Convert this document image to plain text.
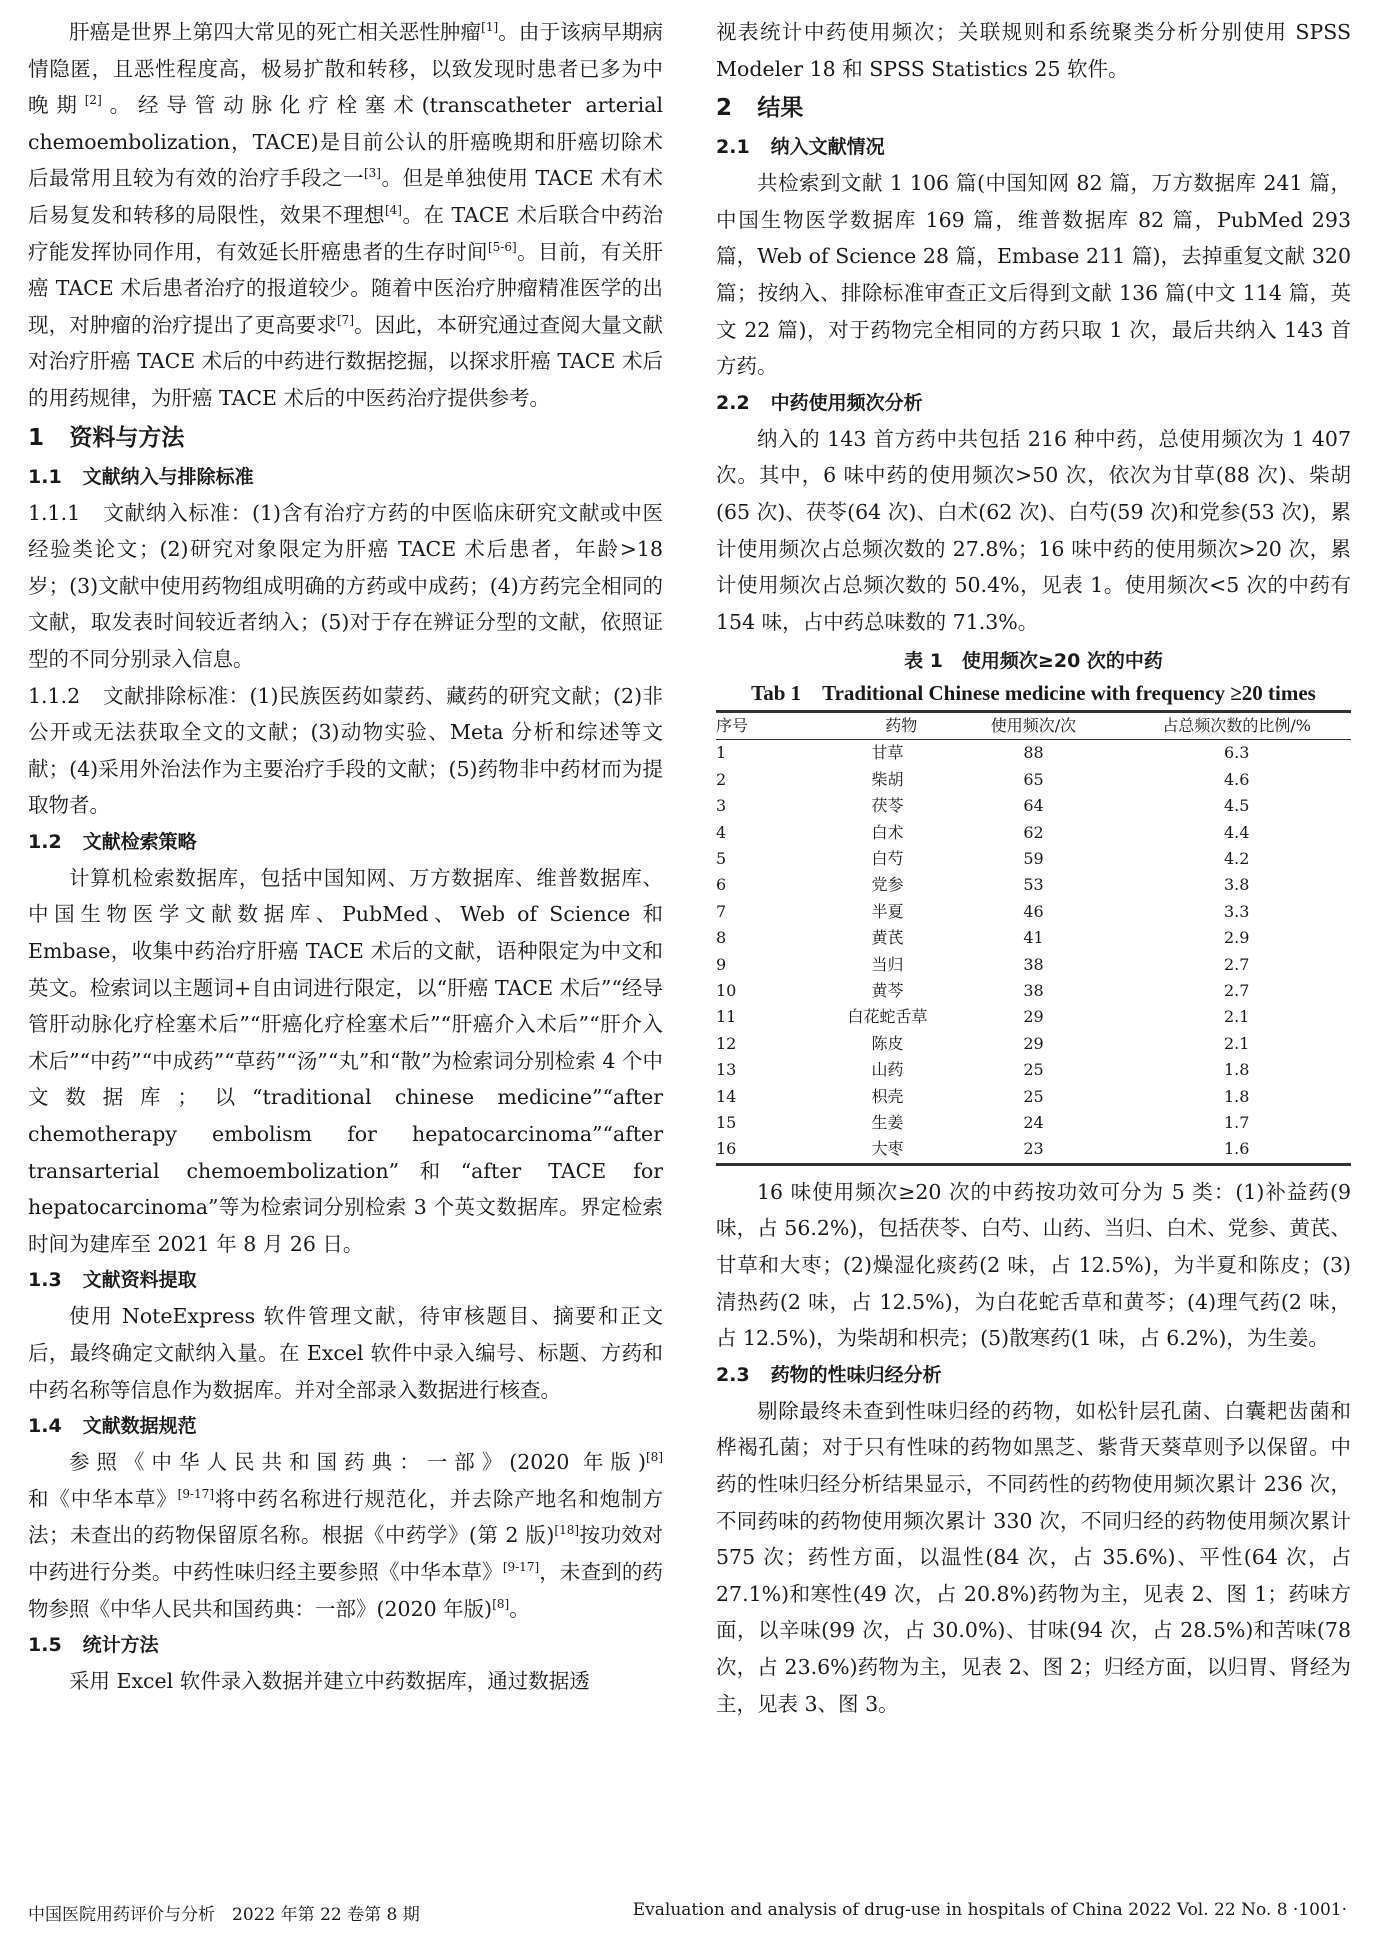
肝癌是世界上第四大常见的死亡相关恶性肿瘤[1]。由于该病早期病情隐匿，且恶性程度高，极易扩散和转移，以致发现时患者已多为中晚期[2]。经导管动脉化疗栓塞术(transcatheter arterial chemoembolization，TACE)是目前公认的肝癌晚期和肝癌切除术后最常用且较为有效的治疗手段之一[3]。但是单独使用 TACE 术有术后易复发和转移的局限性，效果不理想[4]。在 TACE 术后联合中药治疗能发挥协同作用，有效延长肝癌患者的生存时间[5-6]。目前，有关肝癌 TACE 术后患者治疗的报道较少。随着中医治疗肿瘤精准医学的出现，对肿瘤的治疗提出了更高要求[7]。因此，本研究通过查阅大量文献对治疗肝癌 TACE 术后的中药进行数据挖掘，以探求肝癌 TACE 术后的用药规律，为肝癌 TACE 术后的中医药治疗提供参考。

1 资料与方法
1.1 文献纳入与排除标准

1.1.1 文献纳入标准：(1)含有治疗方药的中医临床研究文献或中医经验类论文；(2)研究对象限定为肝癌 TACE 术后患者，年龄>18 岁；(3)文献中使用药物组成明确的方药或中成药；(4)方药完全相同的文献，取发表时间较近者纳入；(5)对于存在辨证分型的文献，依照证型的不同分别录入信息。

1.1.2 文献排除标准：(1)民族医药如蒙药、藏药的研究文献；(2)非公开或无法获取全文的文献；(3)动物实验、Meta 分析和综述等文献；(4)采用外治法作为主要治疗手段的文献；(5)药物非中药材而为提取物者。

1.2 文献检索策略

计算机检索数据库，包括中国知网、万方数据库、维普数据库、中国生物医学文献数据库、PubMed、Web of Science 和 Embase，收集中药治疗肝癌 TACE 术后的文献，语种限定为中文和英文。检索词以主题词+自由词进行限定，以“肝癌 TACE 术后”“经导管肝动脉化疗栓塞术后”“肝癌化疗栓塞术后”“肝癌介入术后”“肝介入术后”“中药”“中成药”“草药”“汤”“丸”和“散”为检索词分别检索 4 个中文数据库；以“traditional chinese medicine”“after chemotherapy embolism for hepatocarcinoma”“after transarterial chemoembolization”和“after TACE for hepatocarcinoma”等为检索词分别检索 3 个英文数据库。界定检索时间为建库至 2021 年 8 月 26 日。

1.3 文献资料提取

使用 NoteExpress 软件管理文献，待审核题目、摘要和正文后，最终确定文献纳入量。在 Excel 软件中录入编号、标题、方药和中药名称等信息作为数据库。并对全部录入数据进行核查。

1.4 文献数据规范

参照《中华人民共和国药典：一部》(2020 年版)[8]和《中华本草》[9-17]将中药名称进行规范化，并去除产地名和炮制方法；未查出的药物保留原名称。根据《中药学》(第 2 版)[18]按功效对中药进行分类。中药性味归经主要参照《中华本草》[9-17]，未查到的药物参照《中华人民共和国药典：一部》(2020 年版)[8]。

1.5 统计方法

采用 Excel 软件录入数据并建立中药数据库，通过数据透

视表统计中药使用频次；关联规则和系统聚类分析分别使用 SPSS Modeler 18 和 SPSS Statistics 25 软件。

2 结果
2.1 纳入文献情况

共检索到文献 1 106 篇(中国知网 82 篇，万方数据库 241 篇，中国生物医学数据库 169 篇，维普数据库 82 篇，PubMed 293 篇，Web of Science 28 篇，Embase 211 篇)，去掉重复文献 320 篇；按纳入、排除标准审查正文后得到文献 136 篇(中文 114 篇，英文 22 篇)，对于药物完全相同的方药只取 1 次，最后共纳入 143 首方药。

2.2 中药使用频次分析

纳入的 143 首方药中共包括 216 种中药，总使用频次为 1 407 次。其中，6 味中药的使用频次>50 次，依次为甘草(88 次)、柴胡(65 次)、茯苓(64 次)、白术(62 次)、白芍(59 次)和党参(53 次)，累计使用频次占总频次数的 27.8%；16 味中药的使用频次>20 次，累计使用频次占总频次数的 50.4%，见表 1。使用频次<5 次的中药有 154 味，占中药总味数的 71.3%。

表 1　使用频次≥20 次的中药

Tab 1　Traditional Chinese medicine with frequency ≥20 times

序号	药物	使用频次/次	占总频次数的比例/%
1	甘草	88	6.3
2	柴胡	65	4.6
3	茯苓	64	4.5
4	白术	62	4.4
5	白芍	59	4.2
6	党参	53	3.8
7	半夏	46	3.3
8	黄芪	41	2.9
9	当归	38	2.7
10	黄芩	38	2.7
11	白花蛇舌草	29	2.1
12	陈皮	29	2.1
13	山药	25	1.8
14	枳壳	25	1.8
15	生姜	24	1.7
16	大枣	23	1.6

16 味使用频次≥20 次的中药按功效可分为 5 类：(1)补益药(9 味，占 56.2%)，包括茯苓、白芍、山药、当归、白术、党参、黄芪、甘草和大枣；(2)燥湿化痰药(2 味，占 12.5%)，为半夏和陈皮；(3)清热药(2 味，占 12.5%)，为白花蛇舌草和黄芩；(4)理气药(2 味，占 12.5%)，为柴胡和枳壳；(5)散寒药(1 味，占 6.2%)，为生姜。

2.3 药物的性味归经分析

剔除最终未查到性味归经的药物，如松针层孔菌、白囊耙齿菌和桦褐孔菌；对于只有性味的药物如黑芝、紫背天葵草则予以保留。中药的性味归经分析结果显示，不同药性的药物使用频次累计 236 次，不同药味的药物使用频次累计 330 次，不同归经的药物使用频次累计 575 次；药性方面，以温性(84 次，占 35.6%)、平性(64 次，占 27.1%)和寒性(49 次，占 20.8%)药物为主，见表 2、图 1；药味方面，以辛味(99 次，占 30.0%)、甘味(94 次，占 28.5%)和苦味(78 次，占 23.6%)药物为主，见表 2、图 2；归经方面，以归胃、肾经为主，见表 3、图 3。

中国医院用药评价与分析　2022 年第 22 卷第 8 期	Evaluation and analysis of drug-use in hospitals of China 2022 Vol. 22 No. 8 ·1001·
